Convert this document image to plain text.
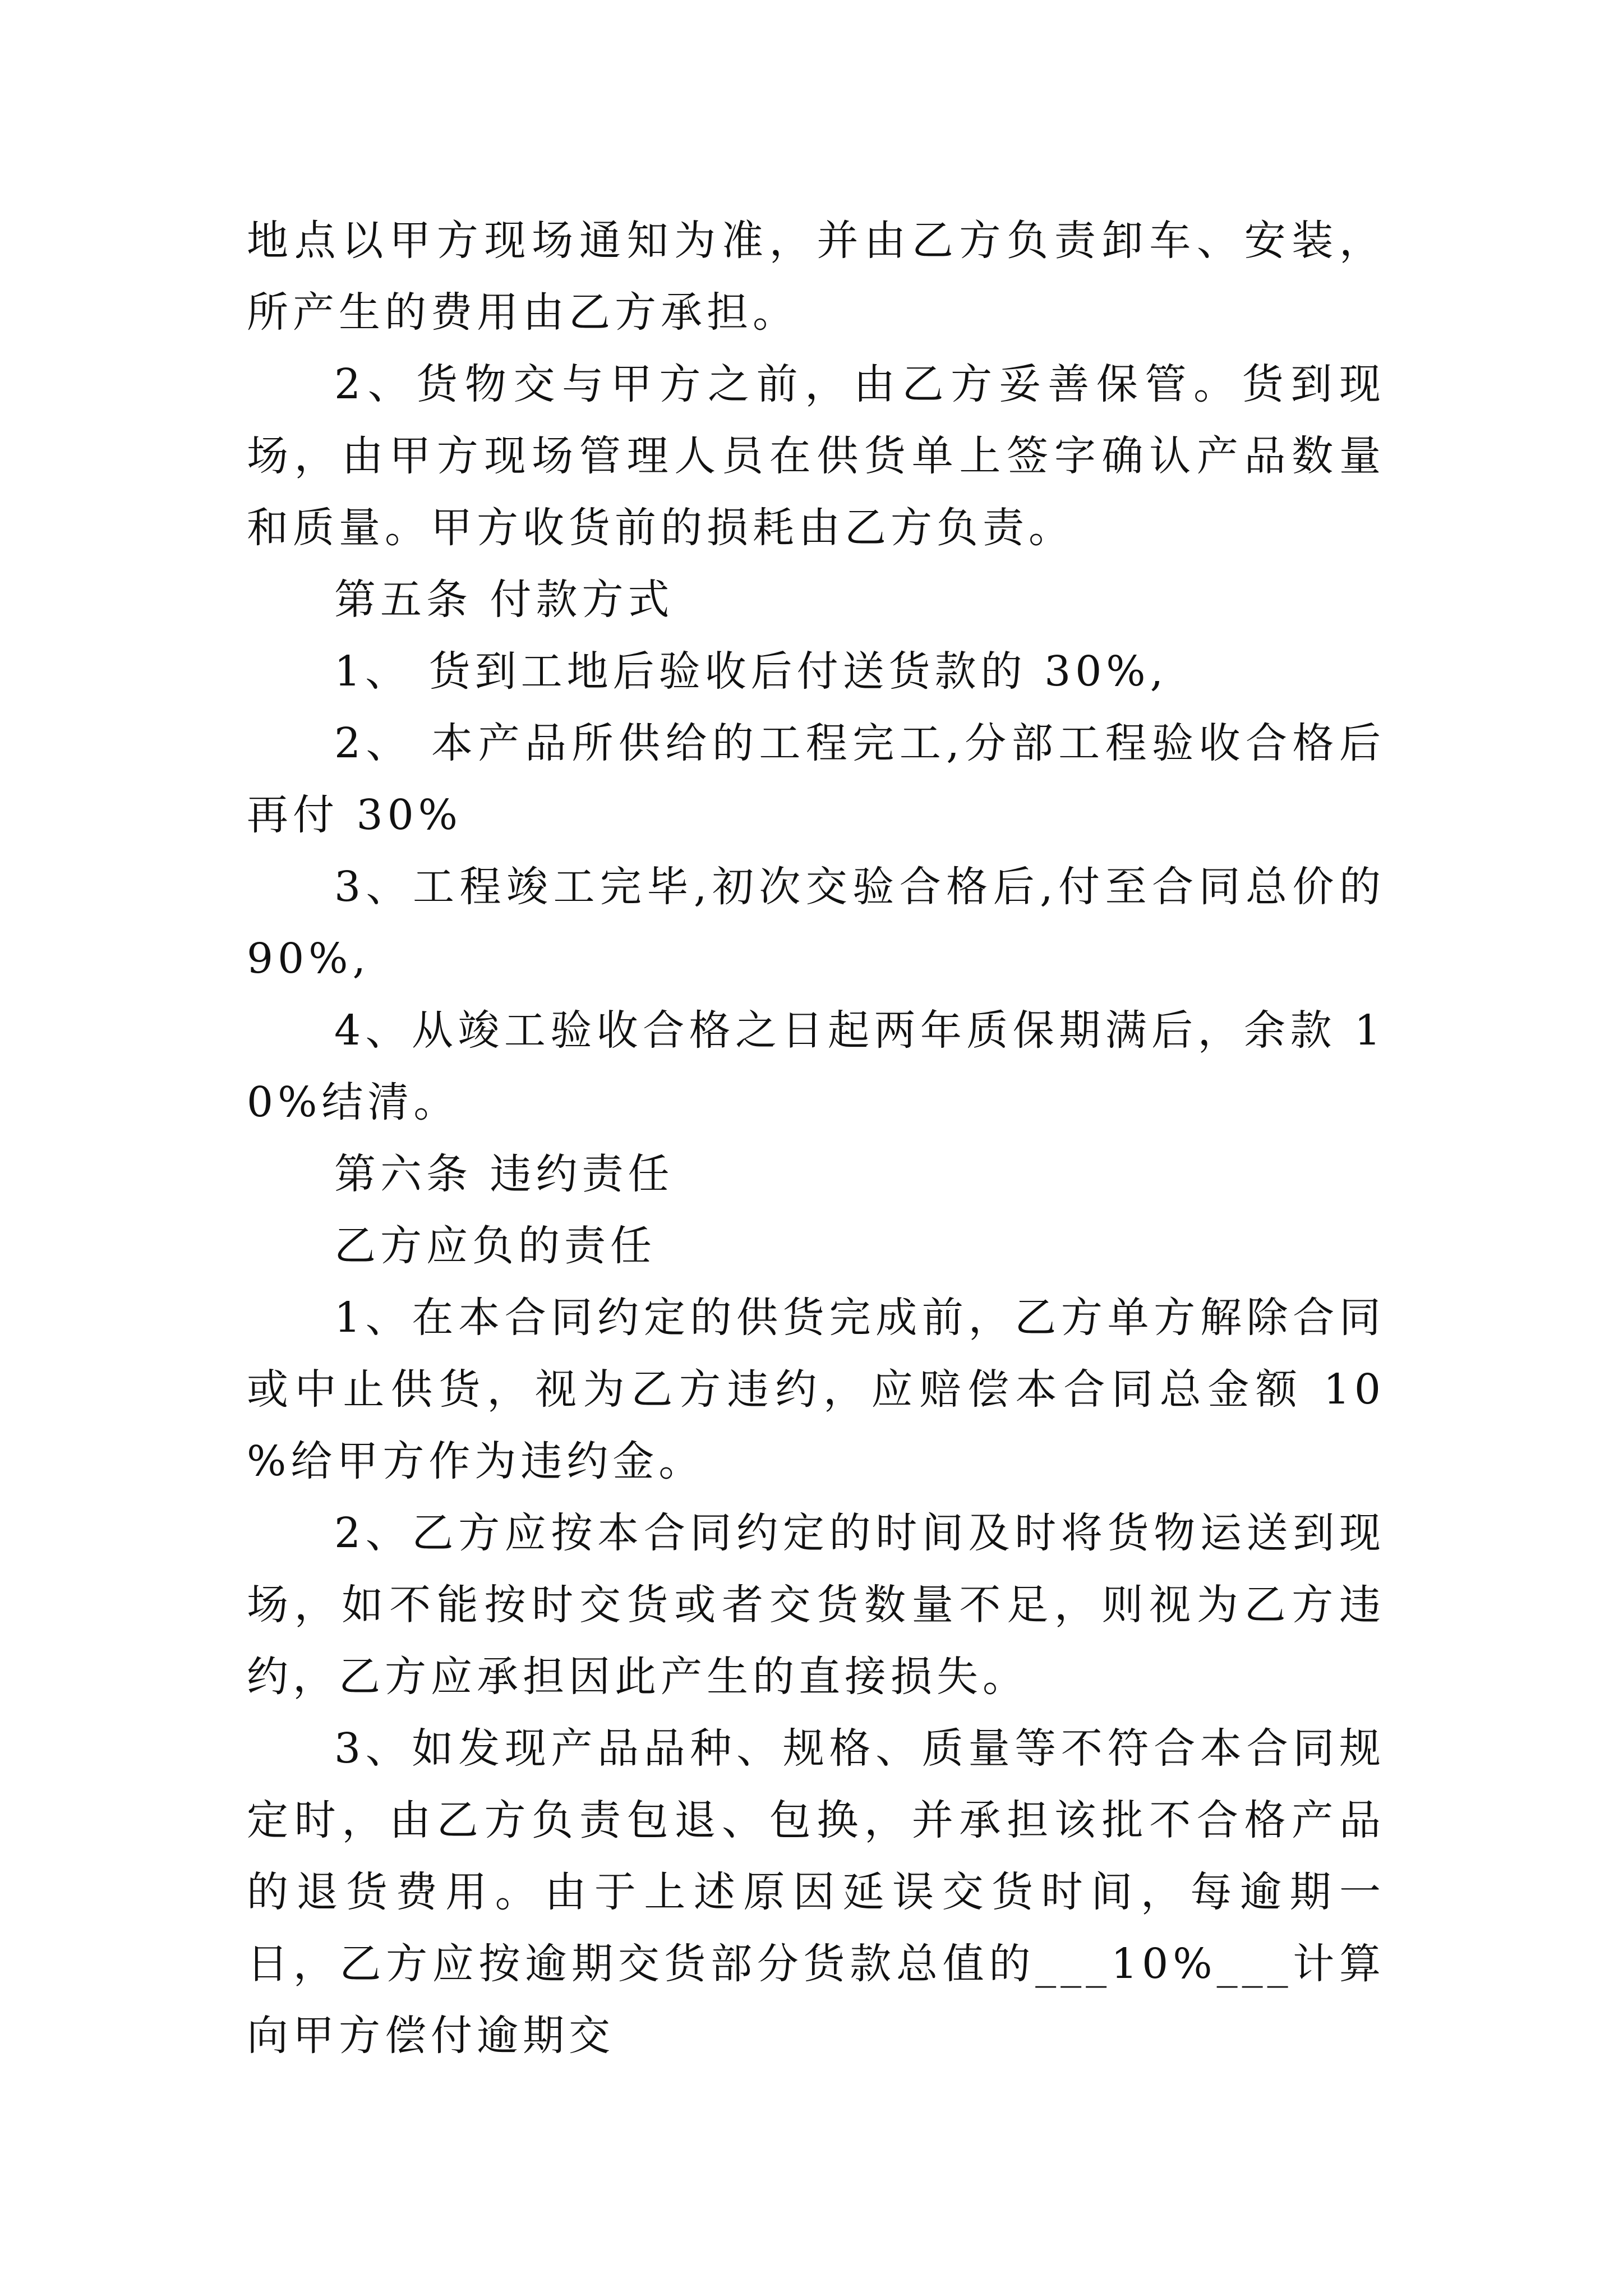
地点以甲方现场通知为准，并由乙方负责卸车、安装，所产生的费用由乙方承担。

2、货物交与甲方之前，由乙方妥善保管。货到现场，由甲方现场管理人员在供货单上签字确认产品数量和质量。甲方收货前的损耗由乙方负责。

第五条 付款方式

1、 货到工地后验收后付送货款的 30%,

2、 本产品所供给的工程完工,分部工程验收合格后再付 30%

3、工程竣工完毕,初次交验合格后,付至合同总价的90%,

4、从竣工验收合格之日起两年质保期满后，余款 10%结清。

第六条 违约责任

乙方应负的责任

1、在本合同约定的供货完成前，乙方单方解除合同或中止供货，视为乙方违约，应赔偿本合同总金额 10 %给甲方作为违约金。

2、乙方应按本合同约定的时间及时将货物运送到现场，如不能按时交货或者交货数量不足，则视为乙方违约，乙方应承担因此产生的直接损失。

3、如发现产品品种、规格、质量等不符合本合同规定时，由乙方负责包退、包换，并承担该批不合格产品的退货费用。由于上述原因延误交货时间，每逾期一日，乙方应按逾期交货部分货款总值的___10%___计算向甲方偿付逾期交
